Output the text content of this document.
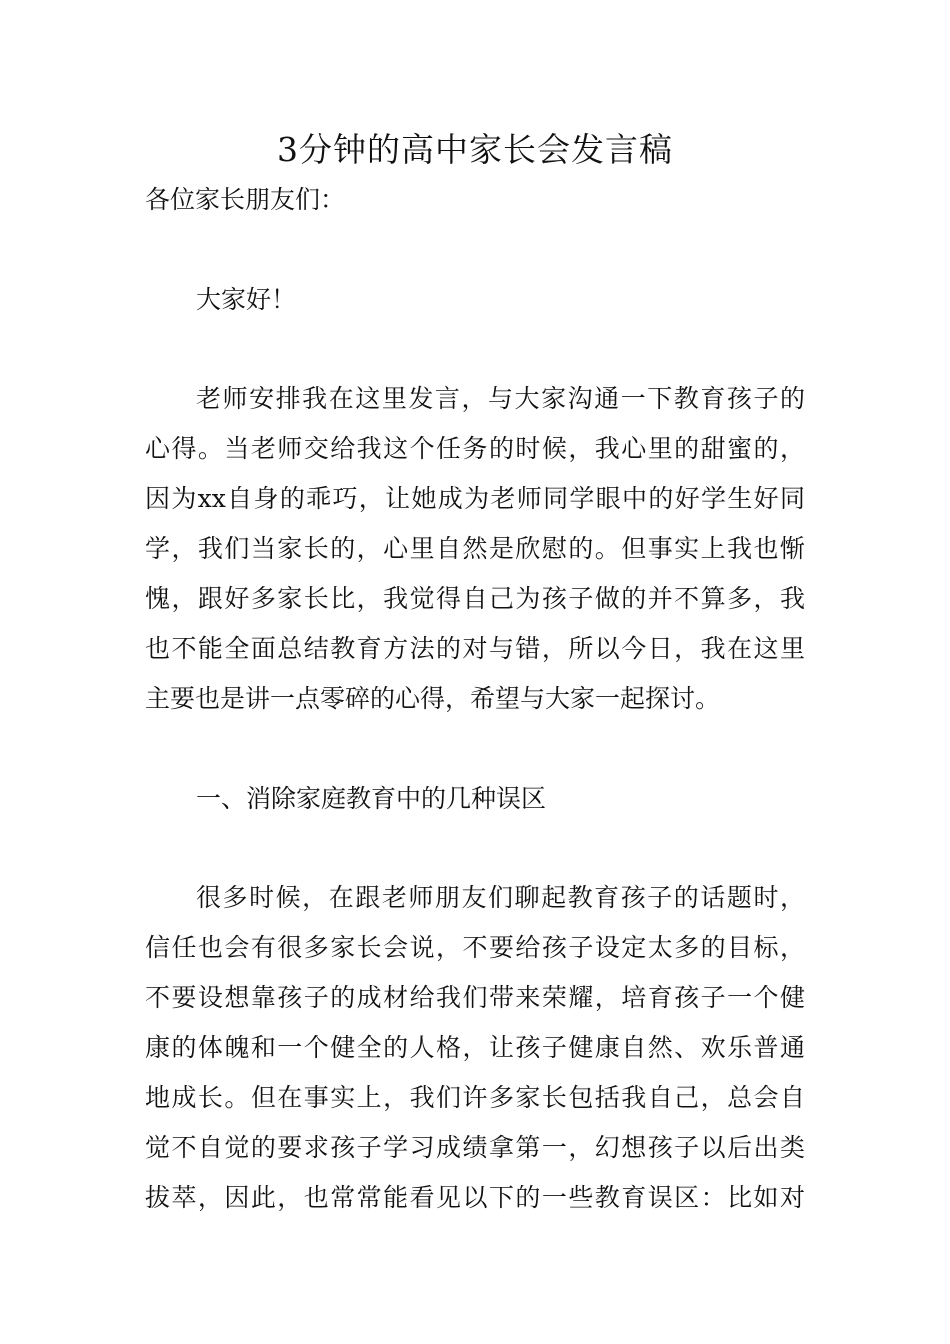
3分钟的高中家长会发言稿
各位家长朋友们：
大家好！
老师安排我在这里发言，与大家沟通一下教育孩子的
心得。当老师交给我这个任务的时候，我心里的甜蜜的，
因为xx自身的乖巧，让她成为老师同学眼中的好学生好同
学，我们当家长的，心里自然是欣慰的。但事实上我也惭
愧，跟好多家长比，我觉得自己为孩子做的并不算多，我
也不能全面总结教育方法的对与错，所以今日，我在这里
主要也是讲一点零碎的心得，希望与大家一起探讨。
一、消除家庭教育中的几种误区
很多时候，在跟老师朋友们聊起教育孩子的话题时，
信任也会有很多家长会说，不要给孩子设定太多的目标，
不要设想靠孩子的成材给我们带来荣耀，培育孩子一个健
康的体魄和一个健全的人格，让孩子健康自然、欢乐普通
地成长。但在事实上，我们许多家长包括我自己，总会自
觉不自觉的要求孩子学习成绩拿第一，幻想孩子以后出类
拔萃，因此，也常常能看见以下的一些教育误区：比如对
